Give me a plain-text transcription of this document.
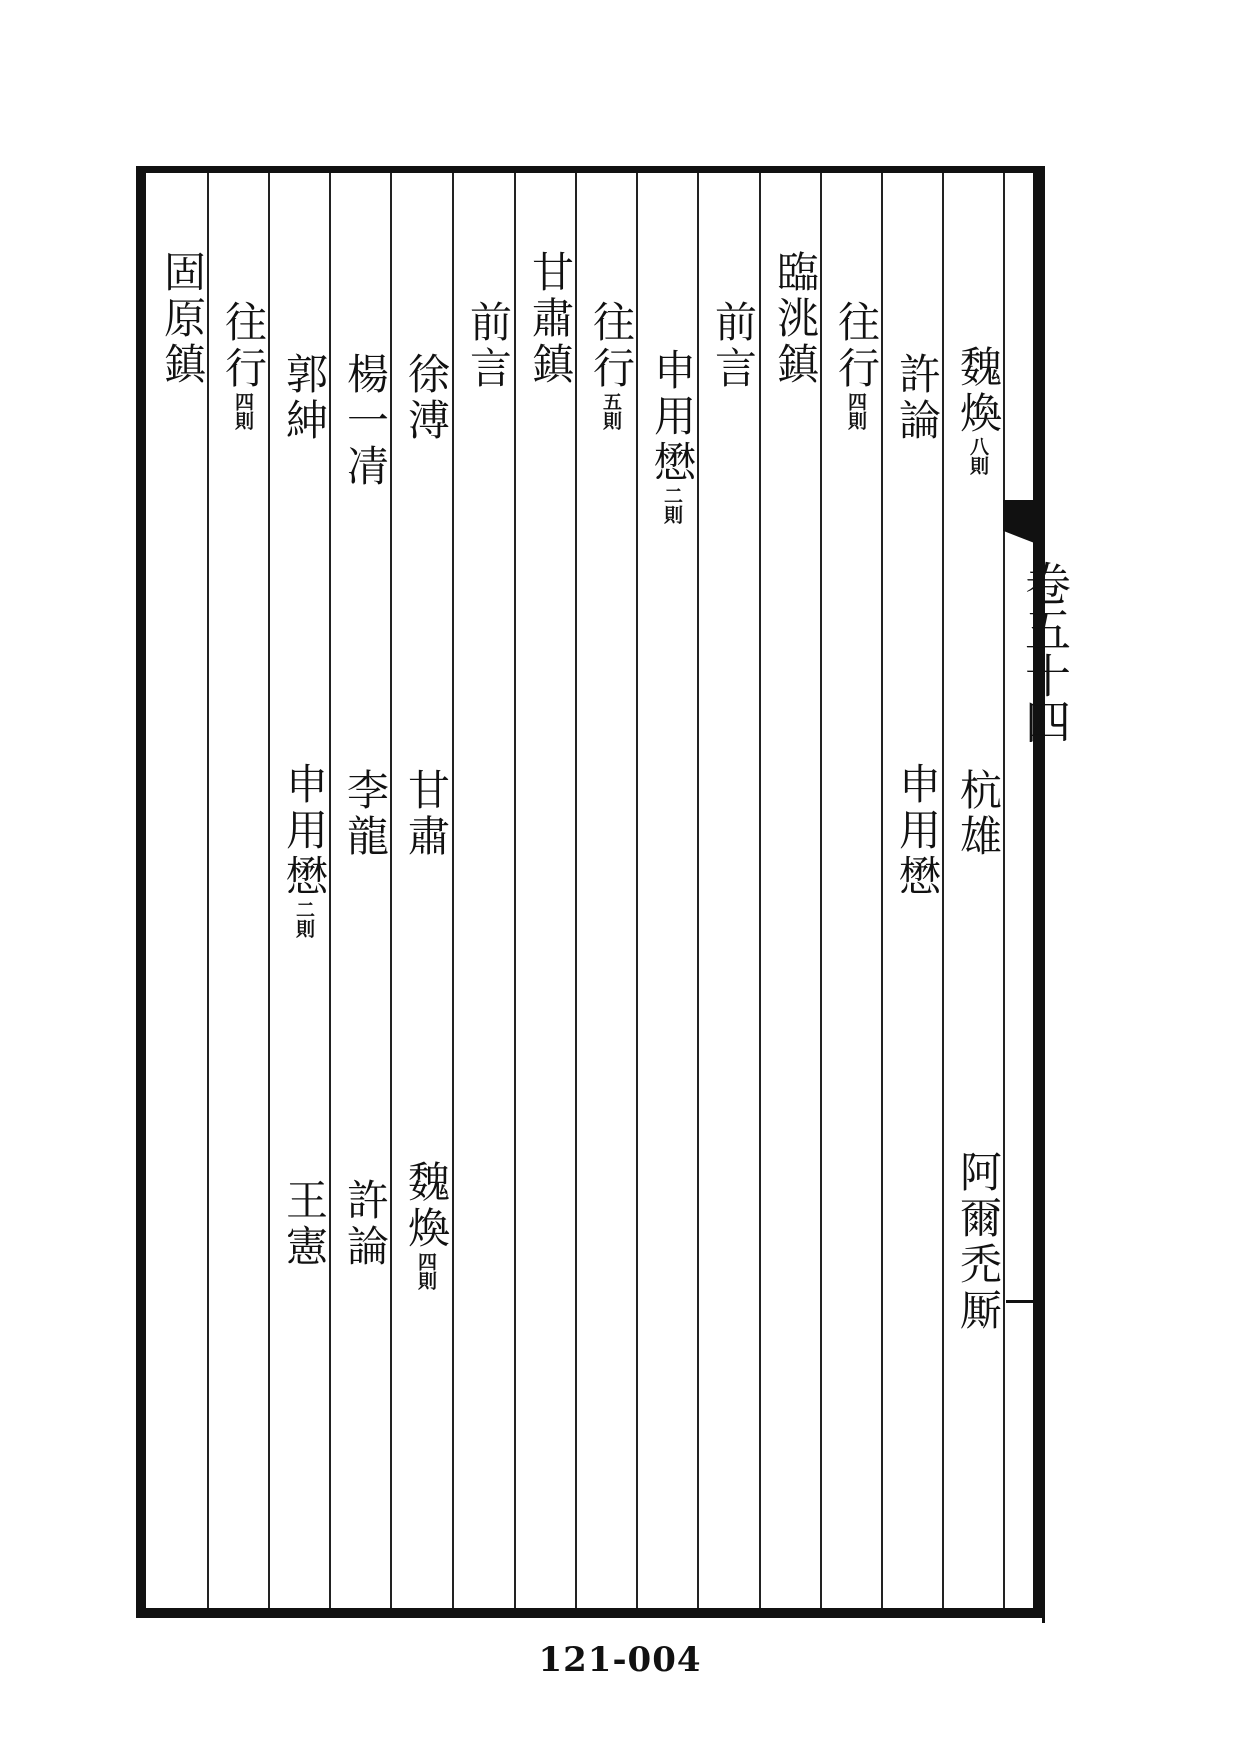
魏煥八則
杭雄
阿爾禿厮
許論
申用懋
往行四則
臨洮鎮
前言
申用懋二則
往行五則
甘肅鎮
前言
徐溥
甘肅
魏煥四則
楊一凊
李龍
許論
郭紳
申用懋二則
王憲
往行四則
固原鎮
卷五十四
121-004
